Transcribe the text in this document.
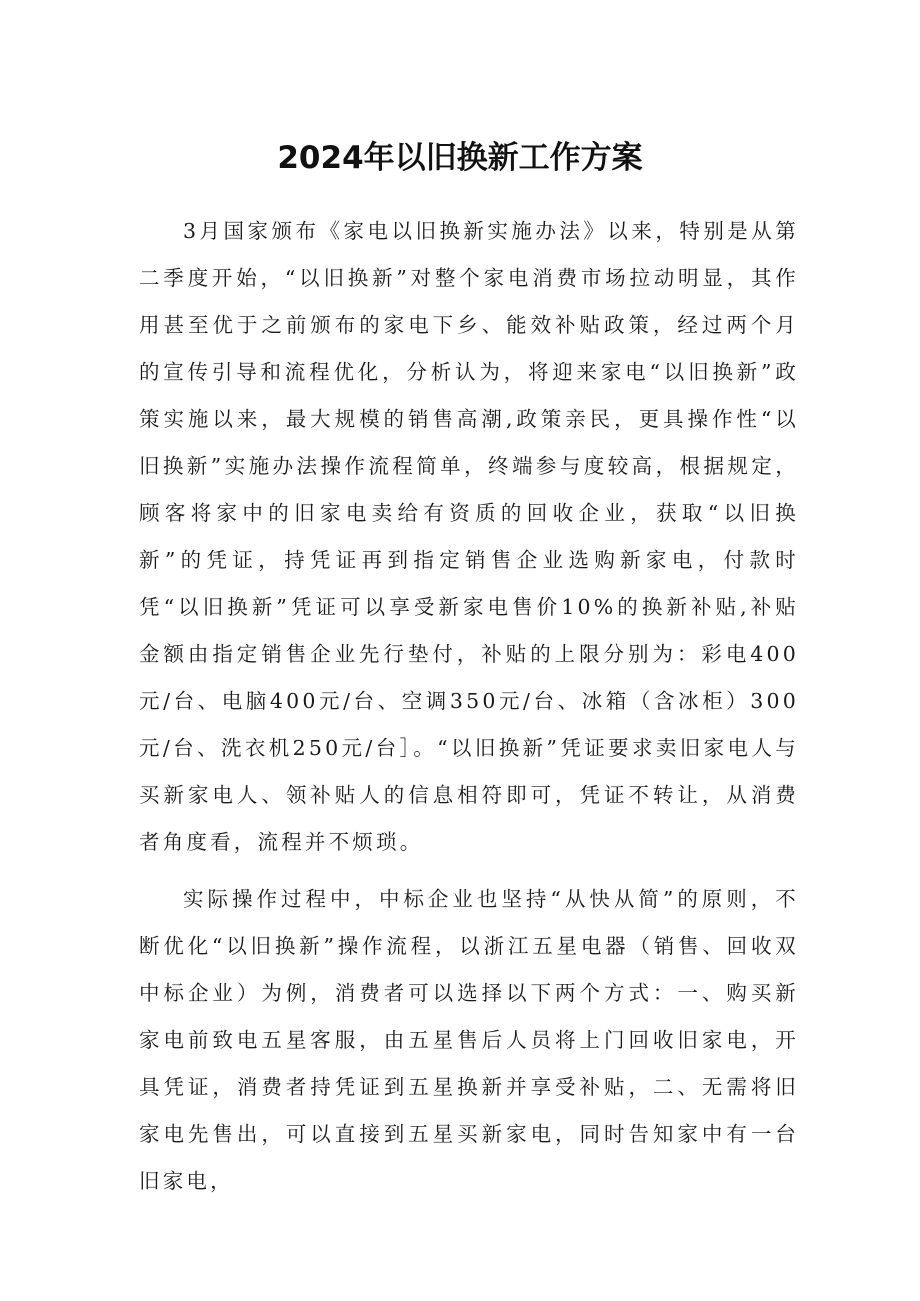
2024年以旧换新工作方案

3月国家颁布《家电以旧换新实施办法》以来，特别是从第二季度开始，“以旧换新”对整个家电消费市场拉动明显，其作用甚至优于之前颁布的家电下乡、能效补贴政策，经过两个月的宣传引导和流程优化，分析认为，将迎来家电“以旧换新”政策实施以来，最大规模的销售高潮,政策亲民，更具操作性“以旧换新”实施办法操作流程简单，终端参与度较高，根据规定，顾客将家中的旧家电卖给有资质的回收企业，获取“以旧换新”的凭证，持凭证再到指定销售企业选购新家电，付款时凭“以旧换新”凭证可以享受新家电售价10%的换新补贴,补贴金额由指定销售企业先行垫付，补贴的上限分别为：彩电400元/台、电脑400元/台、空调350元/台、冰箱（含冰柜）300元/台、洗衣机250元/台］。“以旧换新”凭证要求卖旧家电人与买新家电人、领补贴人的信息相符即可，凭证不转让，从消费者角度看，流程并不烦琐。

实际操作过程中，中标企业也坚持“从快从简”的原则，不断优化“以旧换新”操作流程，以浙江五星电器（销售、回收双中标企业）为例，消费者可以选择以下两个方式：一、购买新家电前致电五星客服，由五星售后人员将上门回收旧家电，开具凭证，消费者持凭证到五星换新并享受补贴，二、无需将旧家电先售出，可以直接到五星买新家电，同时告知家中有一台旧家电，
